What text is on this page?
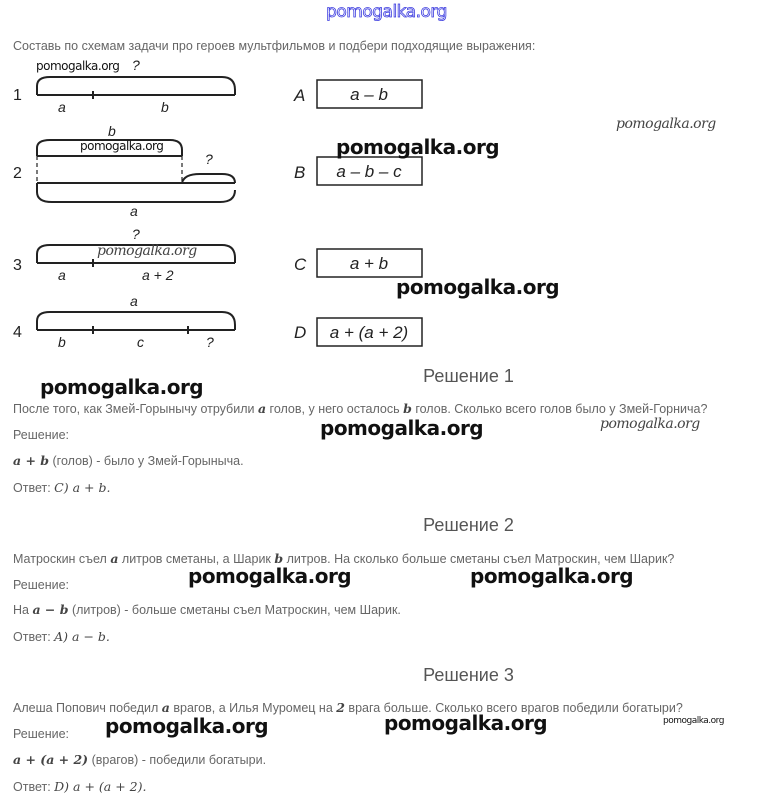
pomogalka.org
Составь по схемам задачи про героев мультфильмов и подбери подходящие выражения:
1
2
3
4
a	b
?
b
?
a
?
a	a + 2
a
b	c	?
A
B
C
D
a – b
a – b – c
a + b
a + (a + 2)
pomogalka.org
pomogalka.org
pomogalka.org
pomogalka.org
pomogalka.org
pomogalka.org
pomogalka.org
pomogalka.org	pomogalka.org
pomogalka.org	pomogalka.org
pomogalka.org	pomogalka.org	pomogalka.org
Решение 1
После того, как Змей-Горынычу отрубили a голов, у него осталось b голов. Сколько всего голов было у Змей-Горнича?
Решение:
a + b (голов) - было у Змей-Горыныча.
Ответ: C) a + b.
Решение 2
Матроскин съел a литров сметаны, а Шарик b литров. На сколько больше сметаны съел Матроскин, чем Шарик?
Решение:
На a − b (литров) - больше сметаны съел Матроскин, чем Шарик.
Ответ: A) a − b.
Решение 3
Алеша Попович победил a врагов, а Илья Муромец на 2 врага больше. Сколько всего врагов победили богатыри?
Решение:
a + (a + 2) (врагов) - победили богатыри.
Ответ: D) a + (a + 2).
